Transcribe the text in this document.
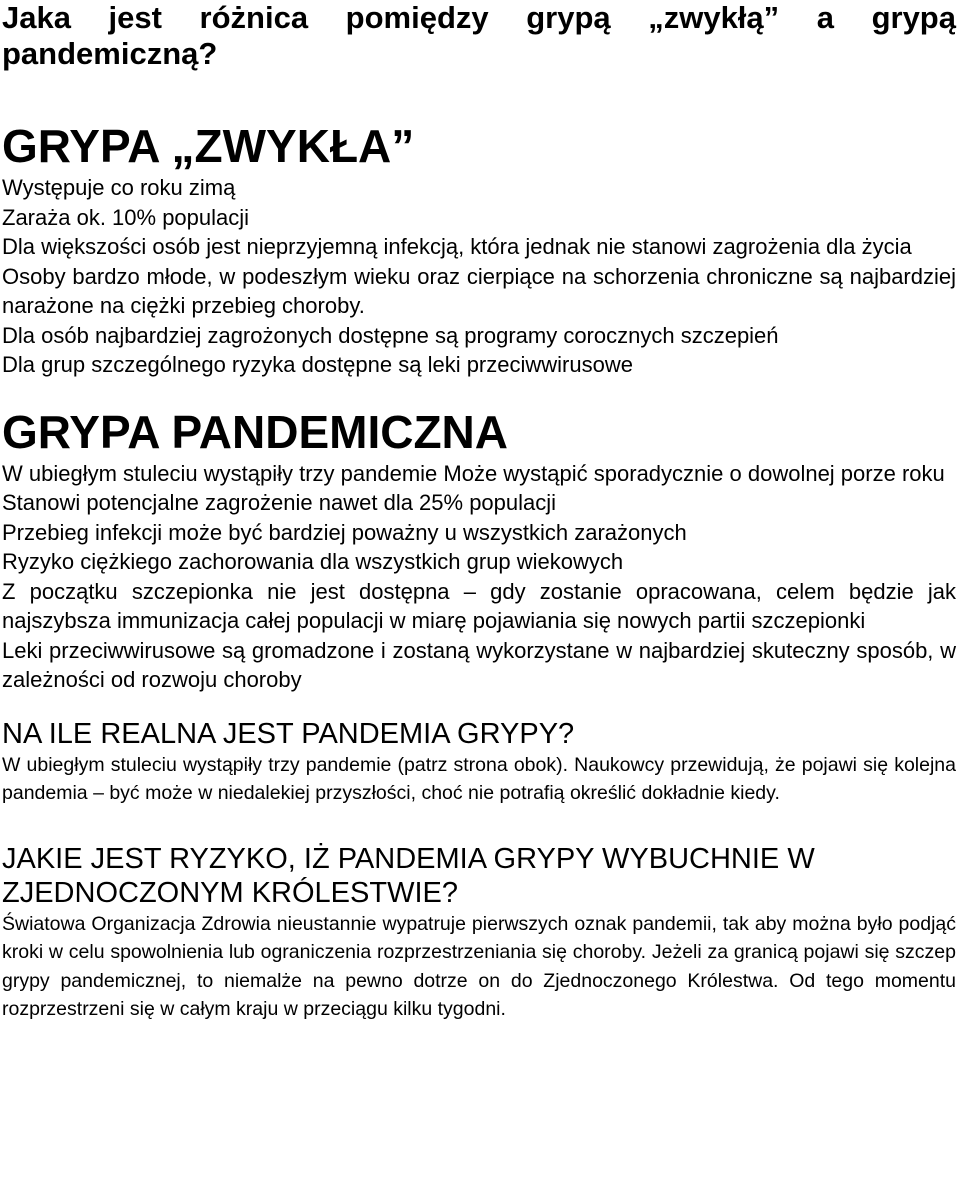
Jaka jest różnica pomiędzy grypą „zwykłą” a grypą pandemiczną?
GRYPA „ZWYKŁA”

Występuje co roku zimą

Zaraża ok. 10% populacji

Dla większości osób jest nieprzyjemną infekcją, która jednak nie stanowi zagrożenia dla życia

Osoby bardzo młode, w podeszłym wieku oraz cierpiące na schorzenia chroniczne są najbardziej narażone na ciężki przebieg choroby.

Dla osób najbardziej zagrożonych dostępne są programy corocznych szczepień

Dla grup szczególnego ryzyka dostępne są leki przeciwwirusowe

GRYPA PANDEMICZNA

W ubiegłym stuleciu wystąpiły trzy pandemie Może wystąpić sporadycznie o dowolnej porze roku

Stanowi potencjalne zagrożenie nawet dla 25% populacji

Przebieg infekcji może być bardziej poważny u wszystkich zarażonych

Ryzyko ciężkiego zachorowania dla wszystkich grup wiekowych

Z początku szczepionka nie jest dostępna – gdy zostanie opracowana, celem będzie jak najszybsza immunizacja całej populacji w miarę pojawiania się nowych partii szczepionki

Leki przeciwwirusowe są gromadzone i zostaną wykorzystane w najbardziej skuteczny sposób, w zależności od rozwoju choroby

NA ILE REALNA JEST PANDEMIA GRYPY?

W ubiegłym stuleciu wystąpiły trzy pandemie (patrz strona obok). Naukowcy przewidują, że pojawi się kolejna pandemia – być może w niedalekiej przyszłości, choć nie potrafią określić dokładnie kiedy.

JAKIE JEST RYZYKO, IŻ PANDEMIA GRYPY WYBUCHNIE W ZJEDNOCZONYM KRÓLESTWIE?

Światowa Organizacja Zdrowia nieustannie wypatruje pierwszych oznak pandemii, tak aby można było podjąć kroki w celu spowolnienia lub ograniczenia rozprzestrzeniania się choroby. Jeżeli za granicą pojawi się szczep grypy pandemicznej, to niemalże na pewno dotrze on do Zjednoczonego Królestwa. Od tego momentu rozprzestrzeni się w całym kraju w przeciągu kilku tygodni.
